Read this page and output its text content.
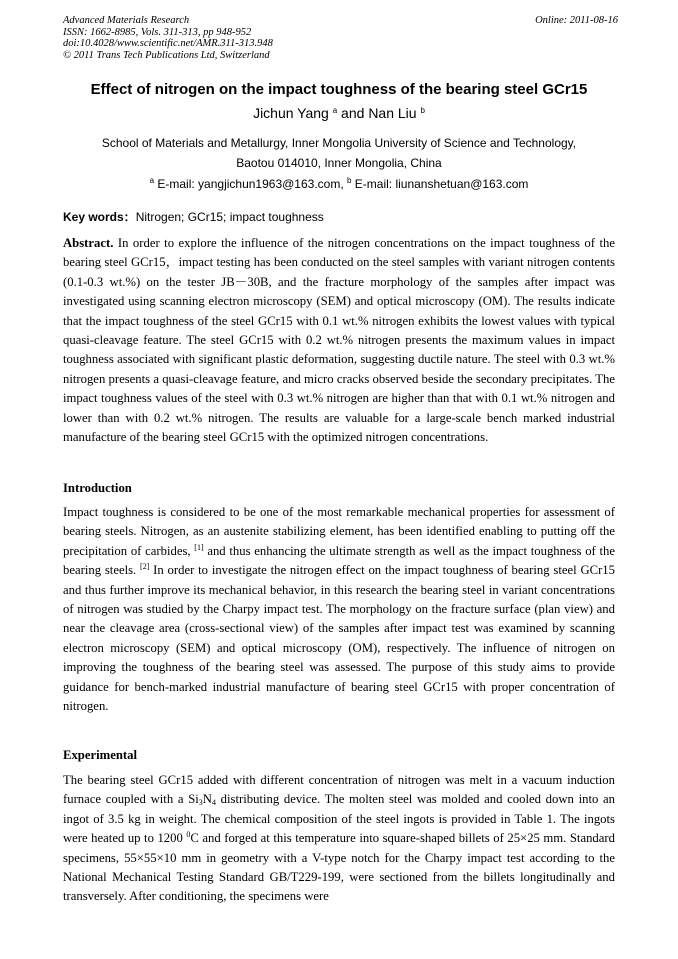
Advanced Materials Research
ISSN: 1662-8985, Vols. 311-313, pp 948-952
doi:10.4028/www.scientific.net/AMR.311-313.948
© 2011 Trans Tech Publications Ltd, Switzerland
Online: 2011-08-16
Effect of nitrogen on the impact toughness of the bearing steel GCr15
Jichun Yang $^a$ and Nan Liu $^b$
School of Materials and Metallurgy, Inner Mongolia University of Science and Technology,
Baotou 014010, Inner Mongolia, China
$^a$ E-mail: yangjichun1963@163.com, $^b$ E-mail: liunanshetuan@163.com
Key words：Nitrogen; GCr15; impact toughness
Abstract. In order to explore the influence of the nitrogen concentrations on the impact toughness of the bearing steel GCr15，impact testing has been conducted on the steel samples with variant nitrogen contents (0.1-0.3 wt.%) on the tester JB－30B, and the fracture morphology of the samples after impact was investigated using scanning electron microscopy (SEM) and optical microscopy (OM). The results indicate that the impact toughness of the steel GCr15 with 0.1 wt.% nitrogen exhibits the lowest values with typical quasi-cleavage feature. The steel GCr15 with 0.2 wt.% nitrogen presents the maximum values in impact toughness associated with significant plastic deformation, suggesting ductile nature. The steel with 0.3 wt.% nitrogen presents a quasi-cleavage feature, and micro cracks observed beside the secondary precipitates. The impact toughness values of the steel with 0.3 wt.% nitrogen are higher than that with 0.1 wt.% nitrogen and lower than with 0.2 wt.% nitrogen. The results are valuable for a large-scale bench marked industrial manufacture of the bearing steel GCr15 with the optimized nitrogen concentrations.
Introduction
Impact toughness is considered to be one of the most remarkable mechanical properties for assessment of bearing steels. Nitrogen, as an austenite stabilizing element, has been identified enabling to putting off the precipitation of carbides, [1] and thus enhancing the ultimate strength as well as the impact toughness of the bearing steels. [2] In order to investigate the nitrogen effect on the impact toughness of bearing steel GCr15 and thus further improve its mechanical behavior, in this research the bearing steel in variant concentrations of nitrogen was studied by the Charpy impact test. The morphology on the fracture surface (plan view) and near the cleavage area (cross-sectional view) of the samples after impact test was examined by scanning electron microscopy (SEM) and optical microscopy (OM), respectively. The influence of nitrogen on improving the toughness of the bearing steel was assessed. The purpose of this study aims to provide guidance for bench-marked industrial manufacture of bearing steel GCr15 with proper concentration of nitrogen.
Experimental
The bearing steel GCr15 added with different concentration of nitrogen was melt in a vacuum induction furnace coupled with a $Si_3N_4$ distributing device. The molten steel was molded and cooled down into an ingot of 3.5 kg in weight. The chemical composition of the steel ingots is provided in Table 1. The ingots were heated up to 1200 $^0$C and forged at this temperature into square-shaped billets of 25×25 mm. Standard specimens, 55×55×10 mm in geometry with a V-type notch for the Charpy impact test according to the National Mechanical Testing Standard GB/T229-199, were sectioned from the billets longitudinally and transversely. After conditioning, the specimens were
